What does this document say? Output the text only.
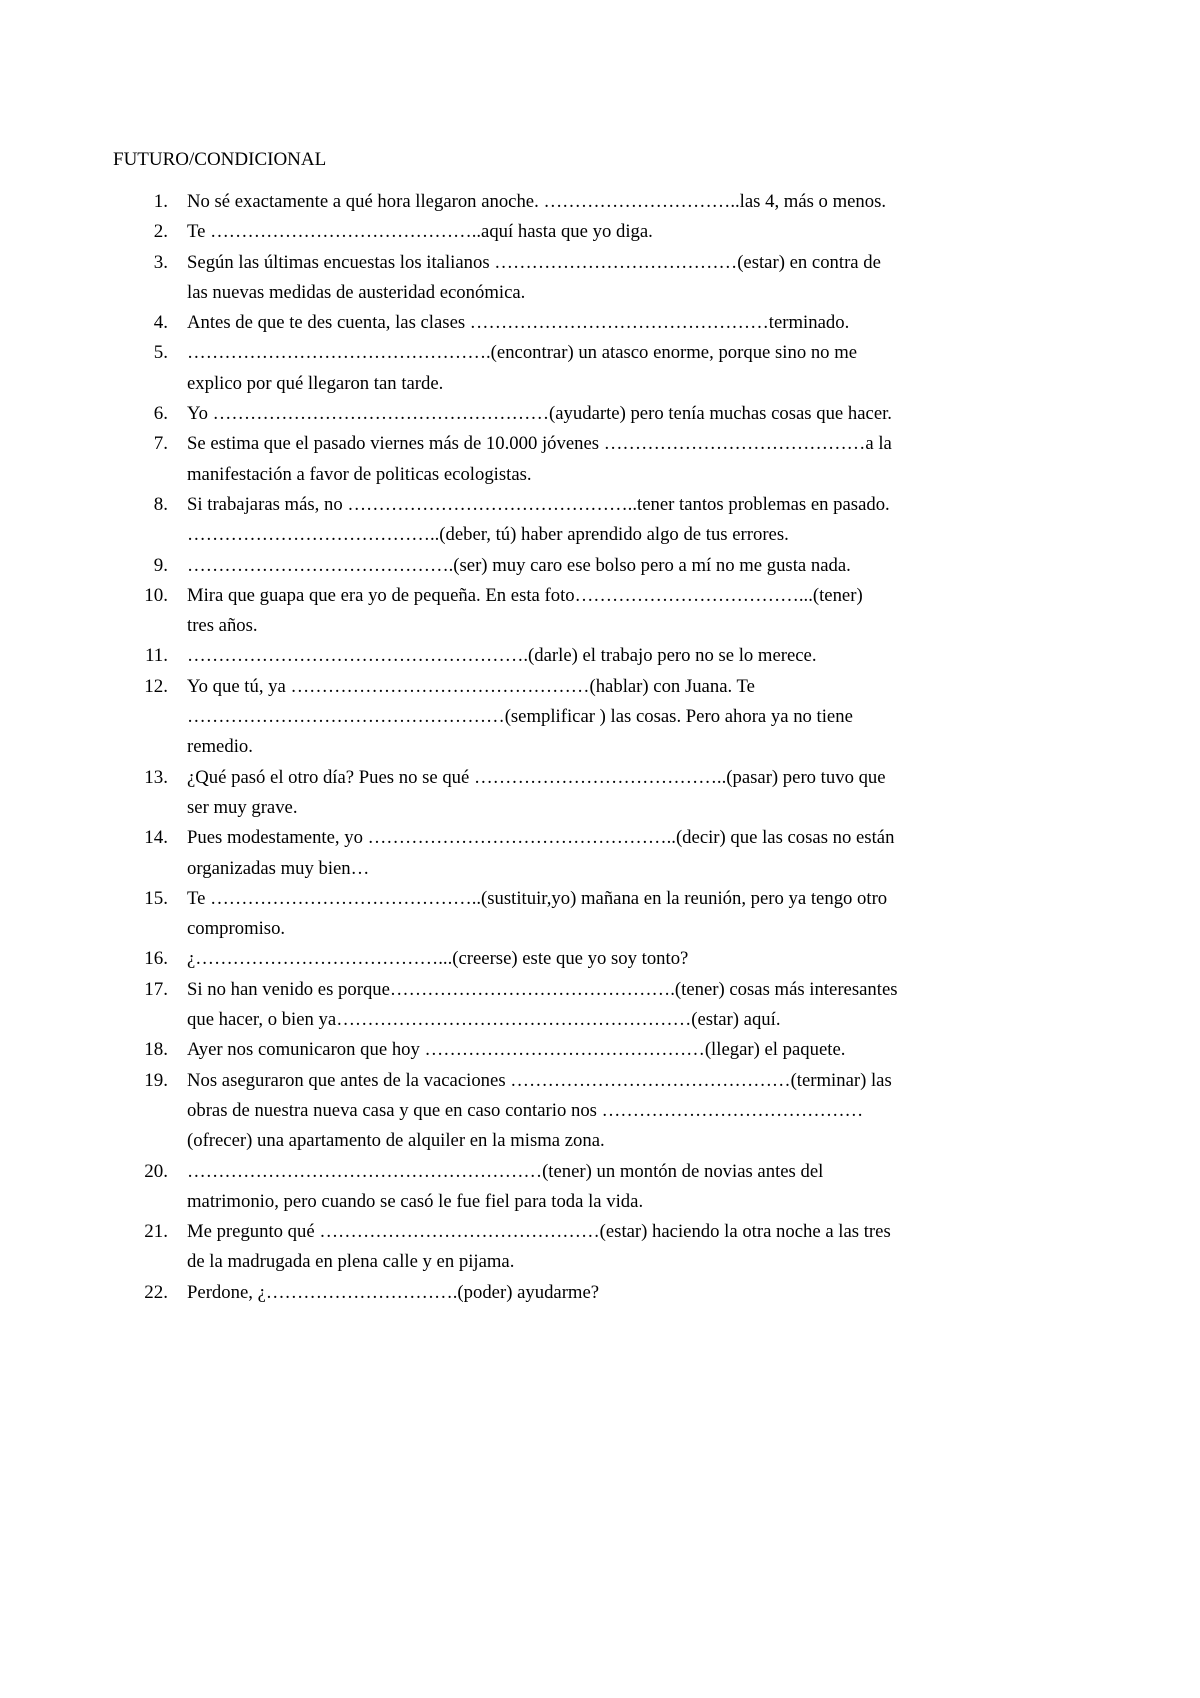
FUTURO/CONDICIONAL
1. No sé exactamente a qué hora llegaron anoche. …………………………..las 4, más o menos.
2. Te ……………………………………..aquí hasta que yo diga.
3. Según las últimas encuestas los italianos …………………………………(estar) en contra de
las nuevas medidas de austeridad económica.
4. Antes de que te des cuenta, las clases …………………………………………terminado.
5. ………………………………………….(encontrar) un atasco enorme, porque sino no me
explico por qué llegaron tan tarde.
6. Yo ………………………………………………(ayudarte) pero tenía muchas cosas que hacer.
7. Se estima que el pasado viernes más de 10.000 jóvenes ……………………………………a la
manifestación a favor de politicas ecologistas.
8. Si trabajaras más, no ………………………………………..tener tantos problemas en pasado.
…………………………………..(deber, tú) haber aprendido algo de tus errores.
9. …………………………………….(ser) muy caro ese bolso pero a mí no me gusta nada.
10. Mira que guapa que era yo de pequeña. En esta foto………………………………...(tener)
tres años.
11. ……………………………………………….(darle) el trabajo pero no se lo merece.
12. Yo que tú, ya …………………………………………(hablar) con Juana. Te
……………………………………………(semplificar ) las cosas. Pero ahora ya no tiene
remedio.
13. ¿Qué pasó el otro día? Pues no se qué …………………………………..(pasar) pero tuvo que
ser muy grave.
14. Pues modestamente, yo …………………………………………..(decir) que las cosas no están
organizadas muy bien…
15. Te ……………………………………..(sustituir,yo) mañana en la reunión, pero ya tengo otro
compromiso.
16. ¿…………………………………...(creerse) este que yo soy tonto?
17. Si no han venido es porque……………………………………….(tener) cosas más interesantes
que hacer, o bien ya…………………………………………………(estar) aquí.
18. Ayer nos comunicaron que hoy ………………………………………(llegar) el paquete.
19. Nos aseguraron que antes de la vacaciones ………………………………………(terminar) las
obras de nuestra nueva casa y que en caso contario nos ……………………………………
(ofrecer) una apartamento de alquiler en la misma zona.
20. …………………………………………………(tener) un montón de novias antes del
matrimonio, pero cuando se casó le fue fiel para toda la vida.
21. Me pregunto qué ………………………………………(estar) haciendo la otra noche a las tres
de la madrugada en plena calle y en pijama.
22. Perdone, ¿………………………….(poder) ayudarme?
